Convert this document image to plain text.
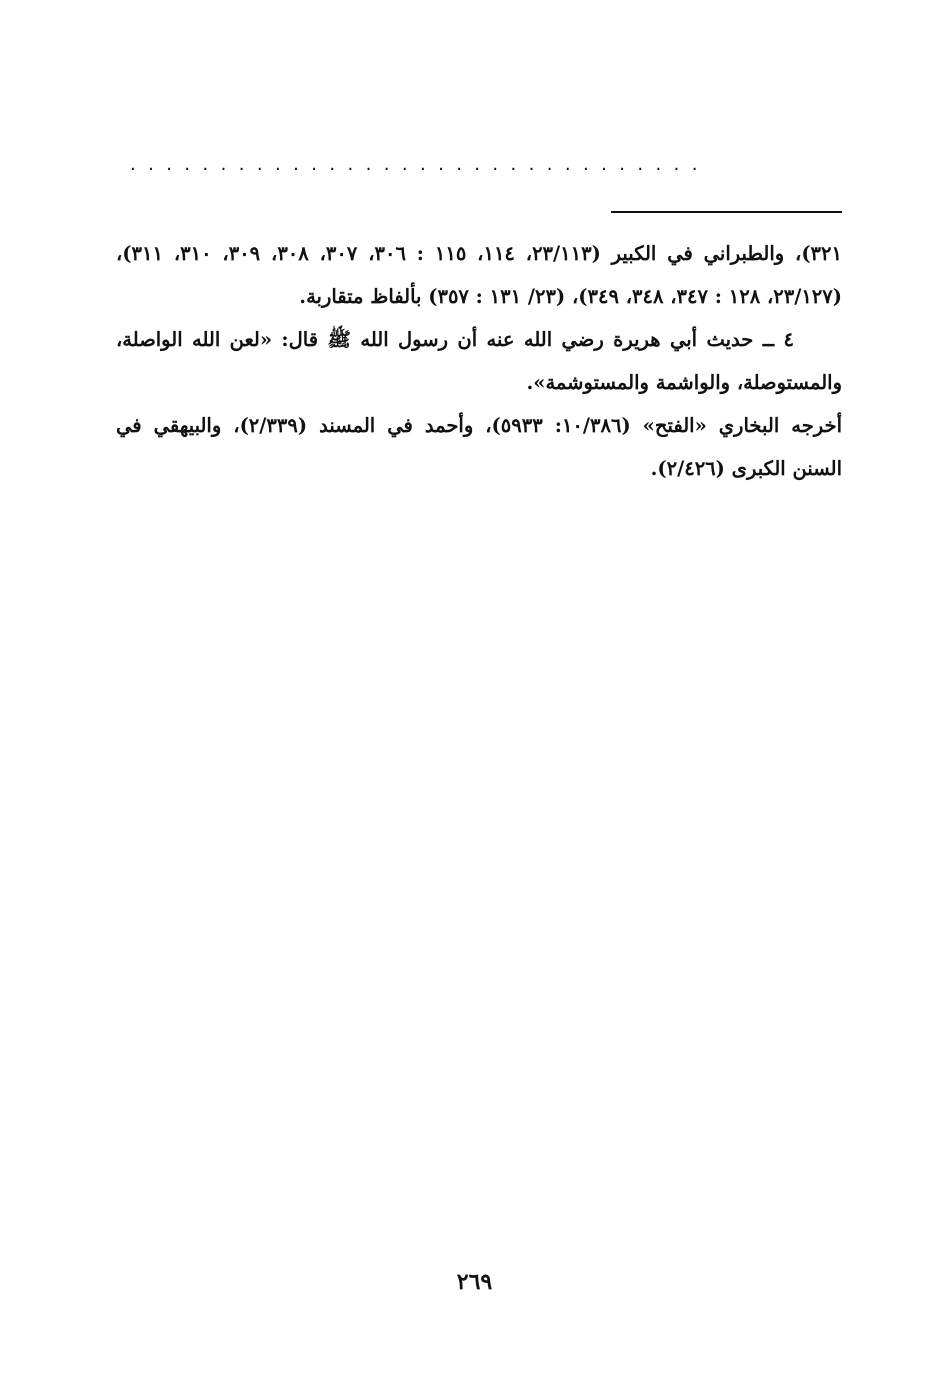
................................

٣٢١)، والطبراني في الكبير (٢٣/١١٣، ١١٤، ١١٥ : ٣٠٦، ٣٠٧، ٣٠٨، ٣٠٩، ٣١٠، ٣١١)، (٢٣/١٢٧، ١٢٨ : ٣٤٧، ٣٤٨، ٣٤٩)، (٢٣/ ١٣١ : ٣٥٧) بألفاظ متقاربة.

٤ ــ حديث أبي هريرة رضي الله عنه أن رسول الله ﷺ قال: «لعن الله الواصلة، والمستوصلة، والواشمة والمستوشمة».

أخرجه البخاري «الفتح» (١٠/٣٨٦: ٥٩٣٣)، وأحمد في المسند (٢/٣٣٩)، والبيهقي في السنن الكبرى (٢/٤٢٦).

٢٦٩
